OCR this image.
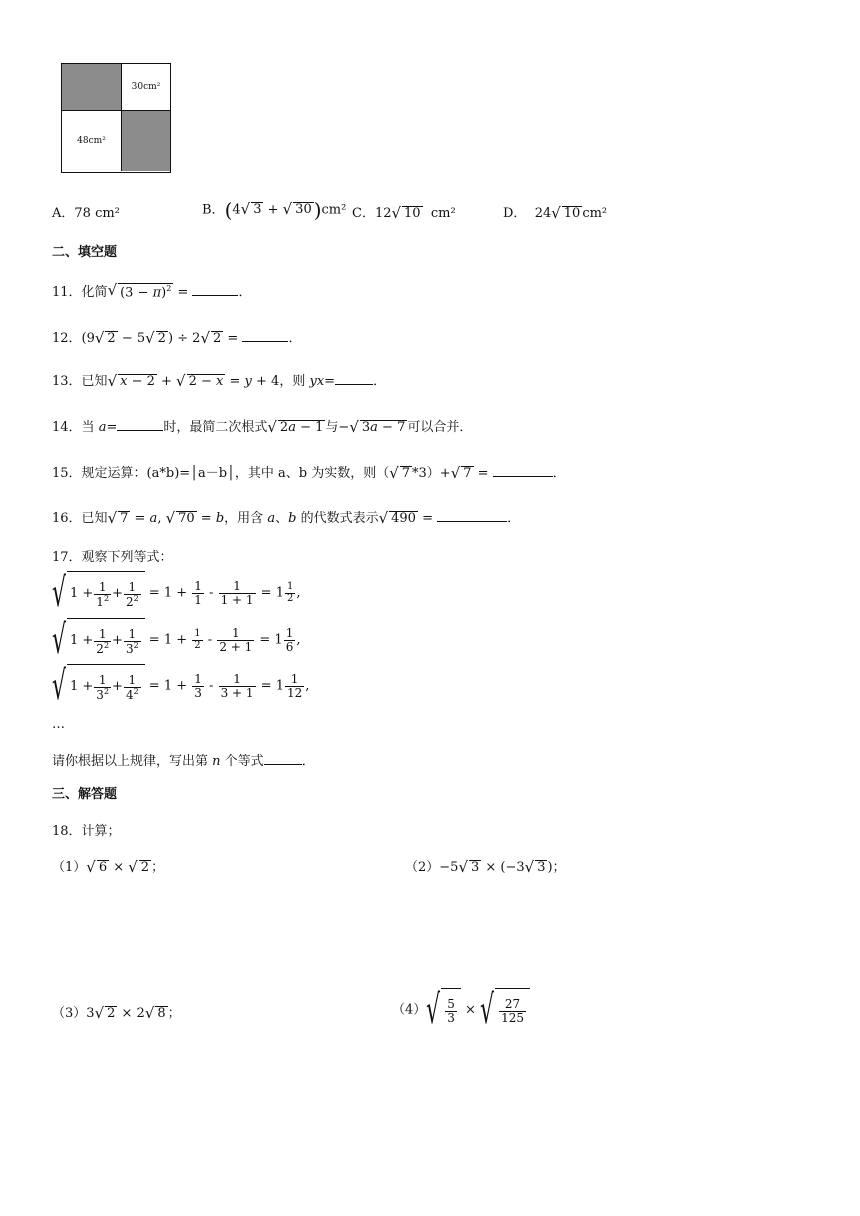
30cm²
48cm²
A．78 cm²	B．(4 √ 3 + √ 30 )cm² C．12 √ 10 cm²	D． 24 √ 10 cm²
二、填空题
11．化简 √ $(3 - \pi)^2$ =	．
12．(9 √ 2 − 5 √ 2 ) ÷ 2 √ 2 =	．
13．已知 √ x − 2 + √ 2 − x = y + 4，则 yx=	．
14．当 a=	时，最简二次根式 √ 2a − 1 与− √ 3a − 7 可以合并．
15．规定运算：(a*b)=│a－b│，其中 a、b 为实数，则（ √ 7 *3）+ √ 7 =	．
16．已知 √ 7 = a, √ 70 = b，用含 a、b 的代数式表示 √ 490 =	．
17．观察下列等式：
√ $1 + \frac{1}{1^2} + \frac{1}{2^2} = 1 + \frac{1}{1} - \frac{1}{1 + 1} = 1 \frac{1}{2}$ ,
√ $1 + \frac{1}{2^2} + \frac{1}{3^2} = 1 + \frac{1}{2} - \frac{1}{2 + 1} = 1 \frac{1}{6}$ ,
√ $1 + \frac{1}{3^2} + \frac{1}{4^2} = 1 + \frac{1}{3} - \frac{1}{3 + 1} = 1 \frac{1}{12}$ ,
…
请你根据以上规律，写出第 n 个等式	．
三、解答题
18．计算；
（1） √ 6 × √ 2 ；	（2）−5 √ 3 × (−3 √ 3 )；
（3）3 √ 2 × 2 √ 8 ；	（4） √ $\frac{5}{3}$ × √ $\frac{27}{125}$
